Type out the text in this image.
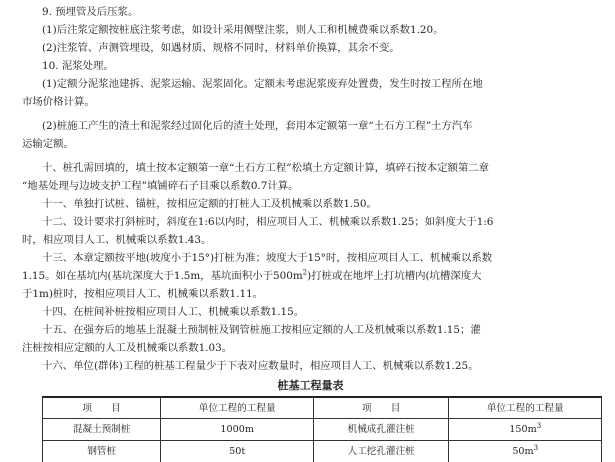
9. 预埋管及后压浆。

(1)后注浆定额按桩底注浆考虑，如设计采用侧壁注浆，则人工和机械费乘以系数1.20。

(2)注浆管、声测管埋设，如遇材质、规格不同时，材料单价换算，其余不变。

10. 泥浆处理。

(1)定额分泥浆池建拆、泥浆运输、泥浆固化。定额未考虑泥浆废弃处置费，发生时按工程所在地

市场价格计算。

(2)桩施工产生的渣土和泥浆经过固化后的渣土处理，套用本定额第一章“土石方工程”土方汽车

运输定额。

十、桩孔需回填的，填土按本定额第一章“土石方工程”松填土方定额计算，填碎石按本定额第二章

“地基处理与边坡支护工程”填铺碎石子目乘以系数0.7计算。

十一、单独打试桩、锚桩，按相应定额的打桩人工及机械乘以系数1.50。

十二、设计要求打斜桩时，斜度在1:6以内时，相应项目人工、机械乘以系数1.25；如斜度大于1:6

时，相应项目人工、机械乘以系数1.43。

十三、本章定额按平地(坡度小于15°)打桩为准；坡度大于15°时，按相应项目人工、机械乘以系数

1.15。如在基坑内(基坑深度大于1.5m，基坑面积小于$500m^2$)打桩或在地坪上打坑槽内(坑槽深度大

于1m)桩时，按相应项目人工、机械乘以系数1.11。

十四、在桩间补桩按相应项目人工、机械乘以系数1.15。

十五、在强夯后的地基上混凝土预制桩及钢管桩施工按相应定额的人工及机械乘以系数1.15；灌

注桩按相应定额的人工及机械乘以系数1.03。

十六、单位(群体)工程的桩基工程量少于下表对应数量时，相应项目人工、机械乘以系数1.25。

桩基工程量表
项　　目	单位工程的工程量	项　　目	单位工程的工程量
混凝土预制桩	1000m	机械成孔灌注桩	$150m^3$
钢管桩	50t	人工挖孔灌注桩	$50m^3$
